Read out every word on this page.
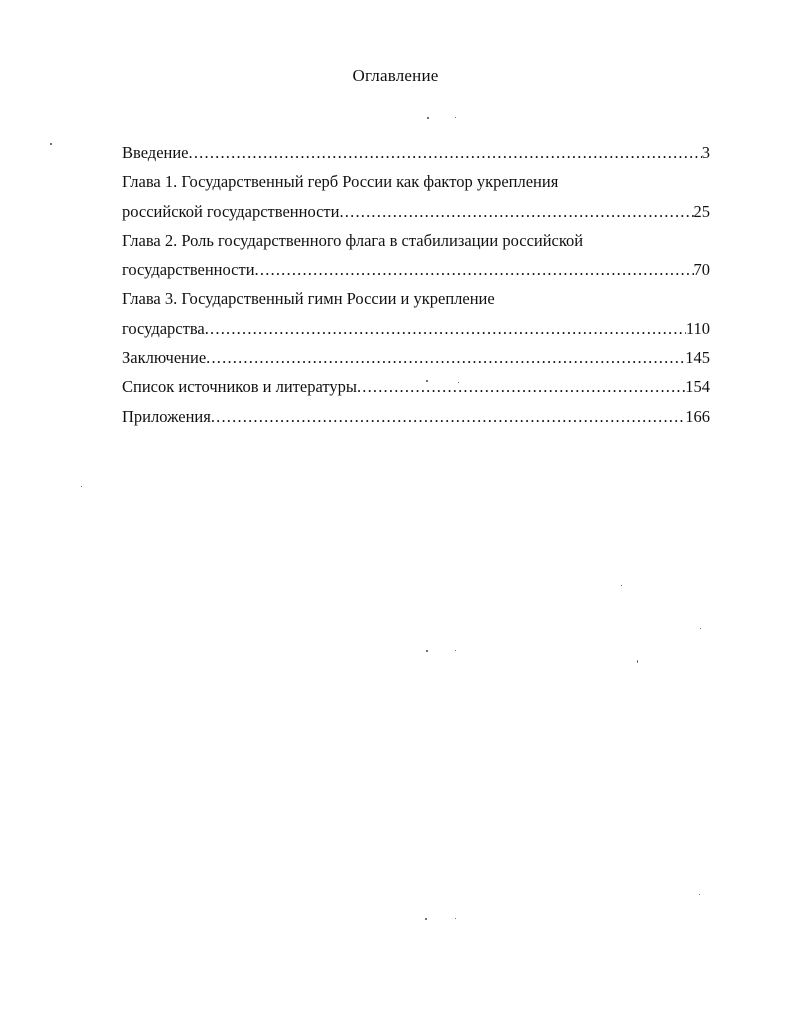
Оглавление
Введение .....	3
Глава 1. Государственный герб России как фактор укрепления
российской государственности .....	25
Глава 2. Роль государственного флага в стабилизации российской
государственности .....	70
Глава 3. Государственный гимн России и укрепление
государства .....	110
Заключение .....	145
Список источников и литературы .....	154
Приложения .....	166
